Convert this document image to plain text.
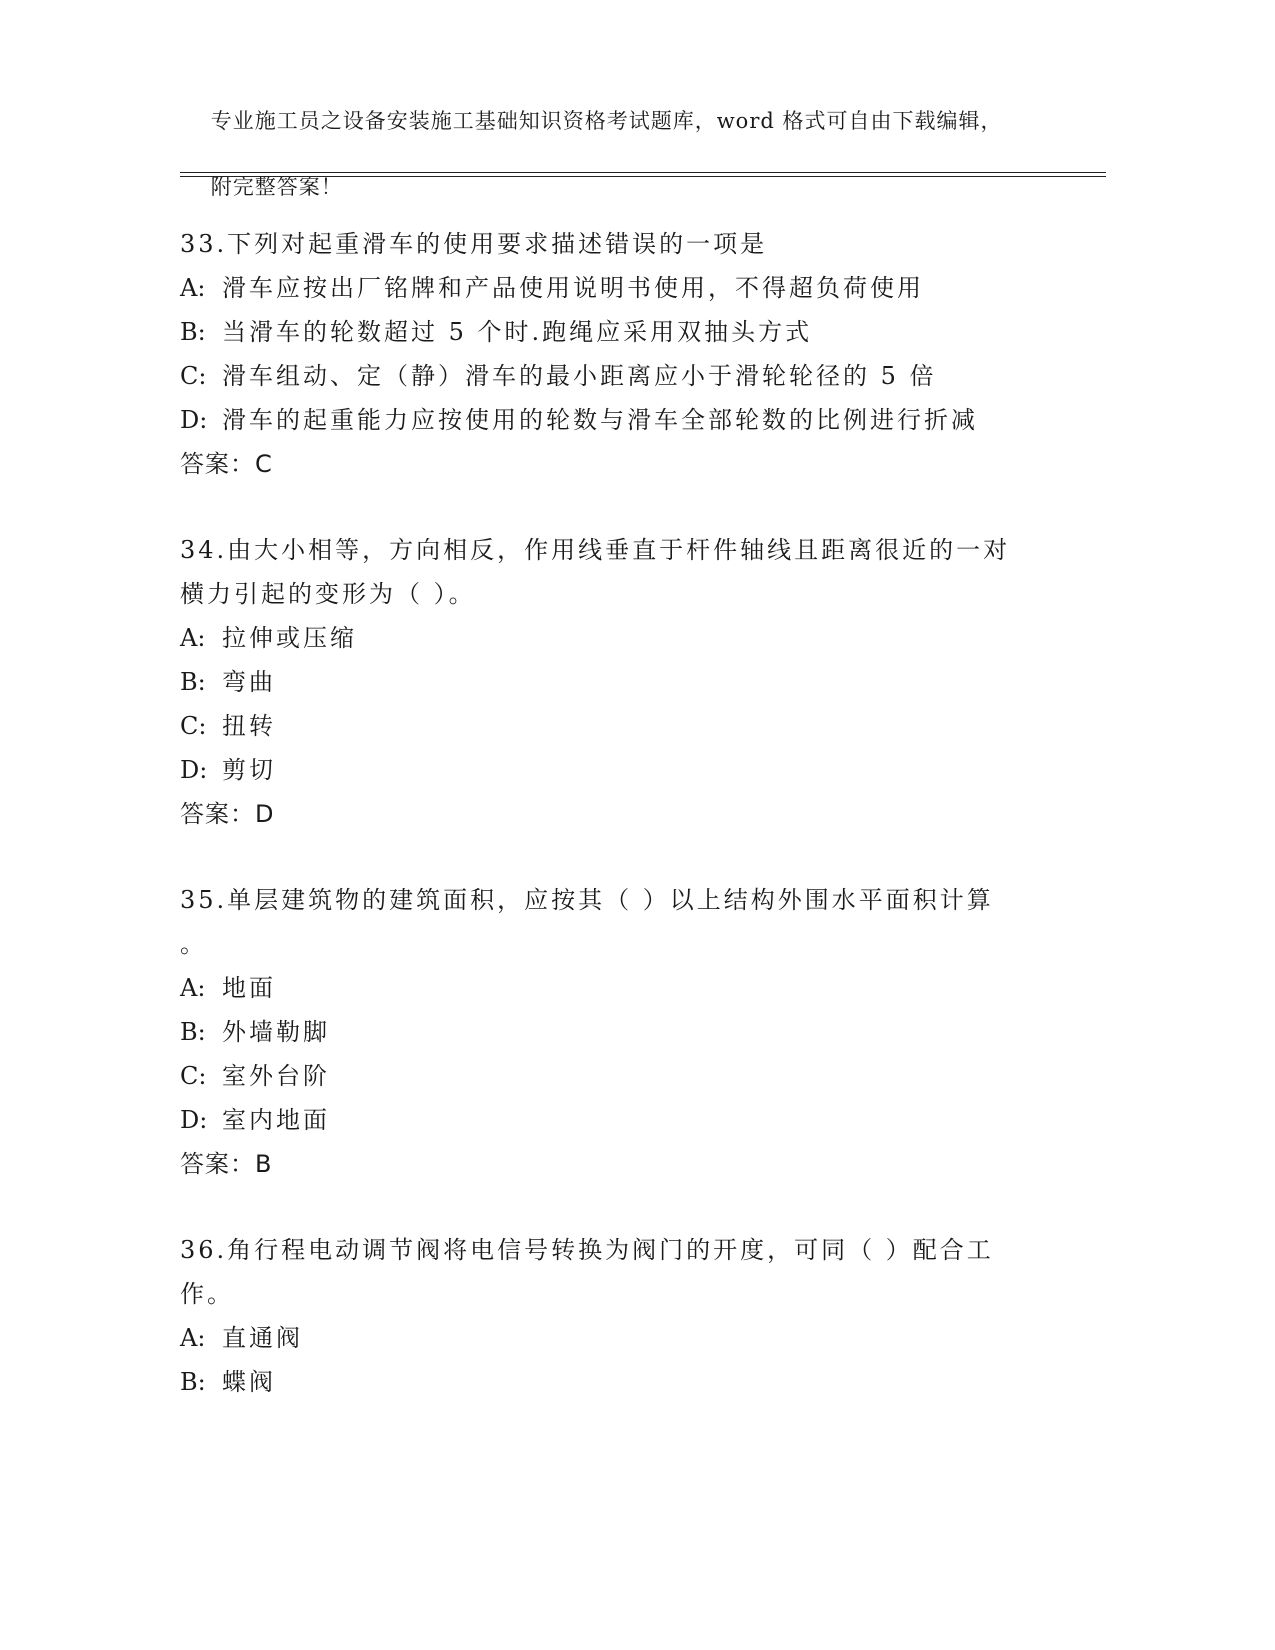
专业施工员之设备安装施工基础知识资格考试题库，word 格式可自由下载编辑，

附完整答案！

33.下列对起重滑车的使用要求描述错误的一项是
A: 滑车应按出厂铭牌和产品使用说明书使用，不得超负荷使用
B: 当滑车的轮数超过 5 个时.跑绳应采用双抽头方式
C: 滑车组动、定（静）滑车的最小距离应小于滑轮轮径的 5 倍
D: 滑车的起重能力应按使用的轮数与滑车全部轮数的比例进行折减
答案：C
34.由大小相等，方向相反，作用线垂直于杆件轴线且距离很近的一对
横力引起的变形为（ ）。
A: 拉伸或压缩
B: 弯曲
C: 扭转
D: 剪切
答案：D
35.单层建筑物的建筑面积，应按其（ ）以上结构外围水平面积计算
。
A: 地面
B: 外墙勒脚
C: 室外台阶
D: 室内地面
答案：B
36.角行程电动调节阀将电信号转换为阀门的开度，可同（ ）配合工
作。
A: 直通阀
B: 蝶阀
